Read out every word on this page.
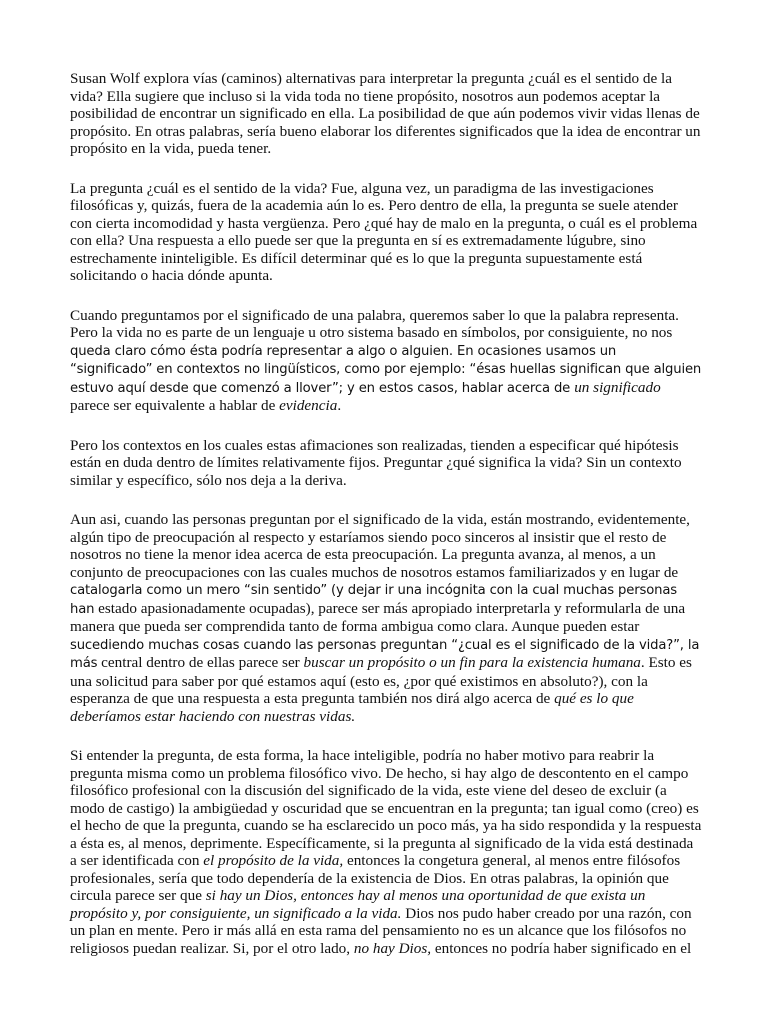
Susan Wolf explora vías (caminos) alternativas para interpretar la pregunta ¿cuál es el sentido de la vida? Ella sugiere que incluso si la vida toda no tiene propósito, nosotros aun podemos aceptar la posibilidad de encontrar un significado en ella. La posibilidad de que aún podemos vivir vidas llenas de propósito. En otras palabras, sería bueno elaborar los diferentes significados que la idea de encontrar un propósito en la vida, pueda tener.

La pregunta ¿cuál es el sentido de la vida? Fue, alguna vez, un paradigma de las investigaciones filosóficas y, quizás, fuera de la academia aún lo es. Pero dentro de ella, la pregunta se suele atender con cierta incomodidad y hasta vergüenza. Pero ¿qué hay de malo en la pregunta, o cuál es el problema con ella? Una respuesta a ello puede ser que la pregunta en sí es extremadamente lúgubre, sino estrechamente ininteligible. Es difícil determinar qué es lo que la pregunta supuestamente está solicitando o hacia dónde apunta.

Cuando preguntamos por el significado de una palabra, queremos saber lo que la palabra representa. Pero la vida no es parte de un lenguaje u otro sistema basado en símbolos, por consiguiente, no nos queda claro cómo ésta podría representar a algo o alguien. En ocasiones usamos un “significado” en contextos no lingüísticos, como por ejemplo: “ésas huellas significan que alguien estuvo aquí desde que comenzó a llover”; y en estos casos, hablar acerca de un significado parece ser equivalente a hablar de evidencia.

Pero los contextos en los cuales estas afimaciones son realizadas, tienden a especificar qué hipótesis están en duda dentro de límites relativamente fijos. Preguntar ¿qué significa la vida? Sin un contexto similar y específico, sólo nos deja a la deriva.

Aun asi, cuando las personas preguntan por el significado de la vida, están mostrando, evidentemente, algún tipo de preocupación al respecto y estaríamos siendo poco sinceros al insistir que el resto de nosotros no tiene la menor idea acerca de esta preocupación. La pregunta avanza, al menos, a un conjunto de preocupaciones con las cuales muchos de nosotros estamos familiarizados y en lugar de catalogarla como un mero “sin sentido” (y dejar ir una incógnita con la cual muchas personas han estado apasionadamente ocupadas), parece ser más apropiado interpretarla y reformularla de una manera que pueda ser comprendida tanto de forma ambigua como clara. Aunque pueden estar sucediendo muchas cosas cuando las personas preguntan “¿cual es el significado de la vida?”, la más central dentro de ellas parece ser buscar un propósito o un fin para la existencia humana. Esto es una solicitud para saber por qué estamos aquí (esto es, ¿por qué existimos en absoluto?), con la esperanza de que una respuesta a esta pregunta también nos dirá algo acerca de qué es lo que deberíamos estar haciendo con nuestras vidas.

Si entender la pregunta, de esta forma, la hace inteligible, podría no haber motivo para reabrir la pregunta misma como un problema filosófico vivo. De hecho, si hay algo de descontento en el campo filosófico profesional con la discusión del significado de la vida, este viene del deseo de excluir (a modo de castigo) la ambigüedad y oscuridad que se encuentran en la pregunta; tan igual como (creo) es el hecho de que la pregunta, cuando se ha esclarecido un poco más, ya ha sido respondida y la respuesta a ésta es, al menos, deprimente. Específicamente, si la pregunta al significado de la vida está destinada a ser identificada con el propósito de la vida, entonces la congetura general, al menos entre filósofos profesionales, sería que todo dependería de la existencia de Dios. En otras palabras, la opinión que circula parece ser que si hay un Dios, entonces hay al menos una oportunidad de que exista un propósito y, por consiguiente, un significado a la vida. Dios nos pudo haber creado por una razón, con un plan en mente. Pero ir más allá en esta rama del pensamiento no es un alcance que los filósofos no religiosos puedan realizar. Si, por el otro lado, no hay Dios, entonces no podría haber significado en el
